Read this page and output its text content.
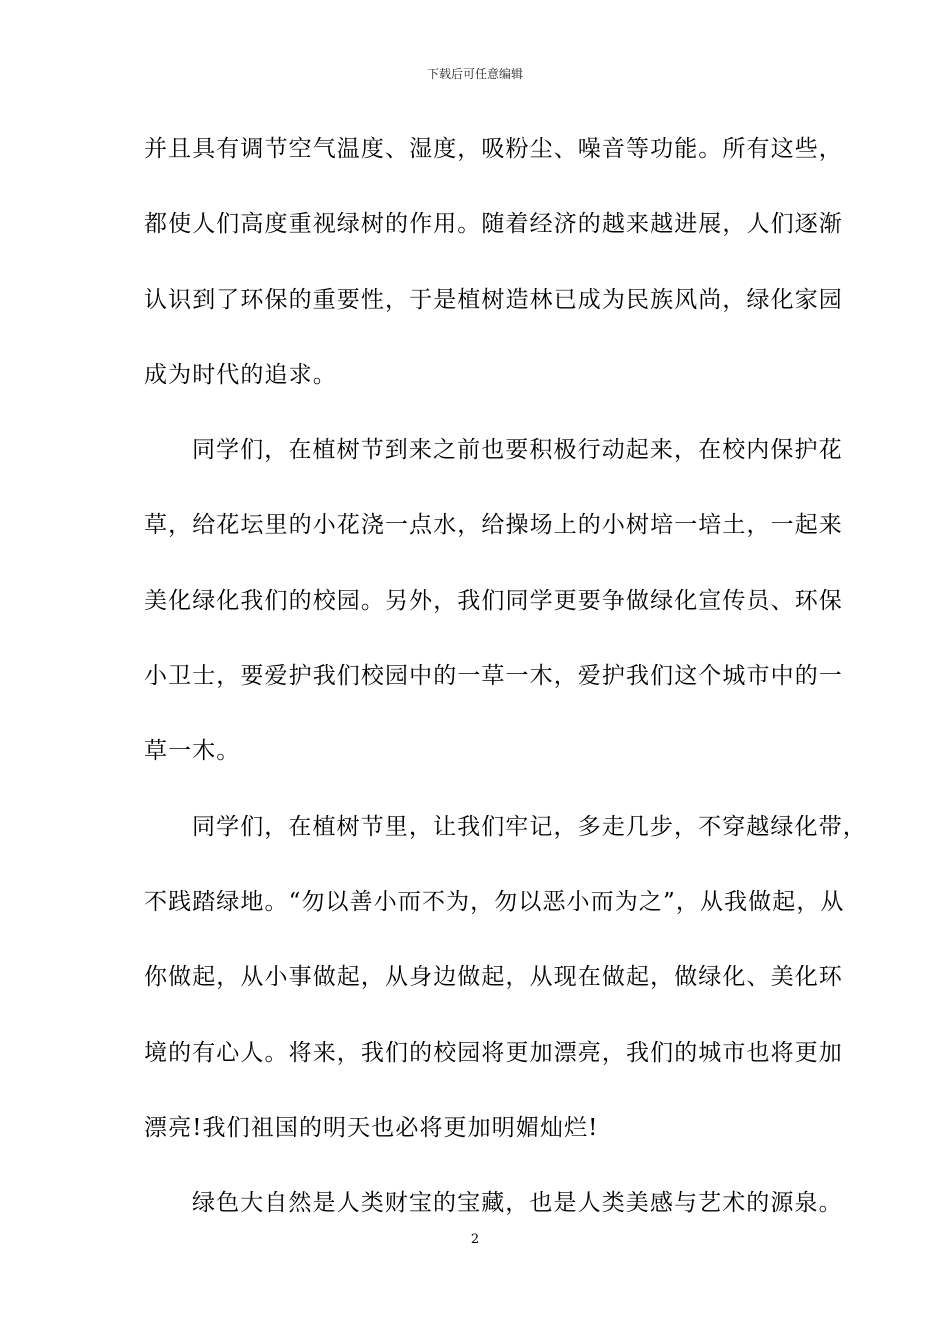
下载后可任意编辑
并且具有调节空气温度、湿度，吸粉尘、噪音等功能。所有这些，
都使人们高度重视绿树的作用。随着经济的越来越进展，人们逐渐
认识到了环保的重要性，于是植树造林已成为民族风尚，绿化家园
成为时代的追求。
同学们，在植树节到来之前也要积极行动起来，在校内保护花
草，给花坛里的小花浇一点水，给操场上的小树培一培土，一起来
美化绿化我们的校园。另外，我们同学更要争做绿化宣传员、环保
小卫士，要爱护我们校园中的一草一木，爱护我们这个城市中的一
草一木。
同学们，在植树节里，让我们牢记，多走几步，不穿越绿化带，
不践踏绿地。“勿以善小而不为，勿以恶小而为之”，从我做起，从
你做起，从小事做起，从身边做起，从现在做起，做绿化、美化环
境的有心人。将来，我们的校园将更加漂亮，我们的城市也将更加
漂亮!我们祖国的明天也必将更加明媚灿烂!
绿色大自然是人类财宝的宝藏，也是人类美感与艺术的源泉。
2
